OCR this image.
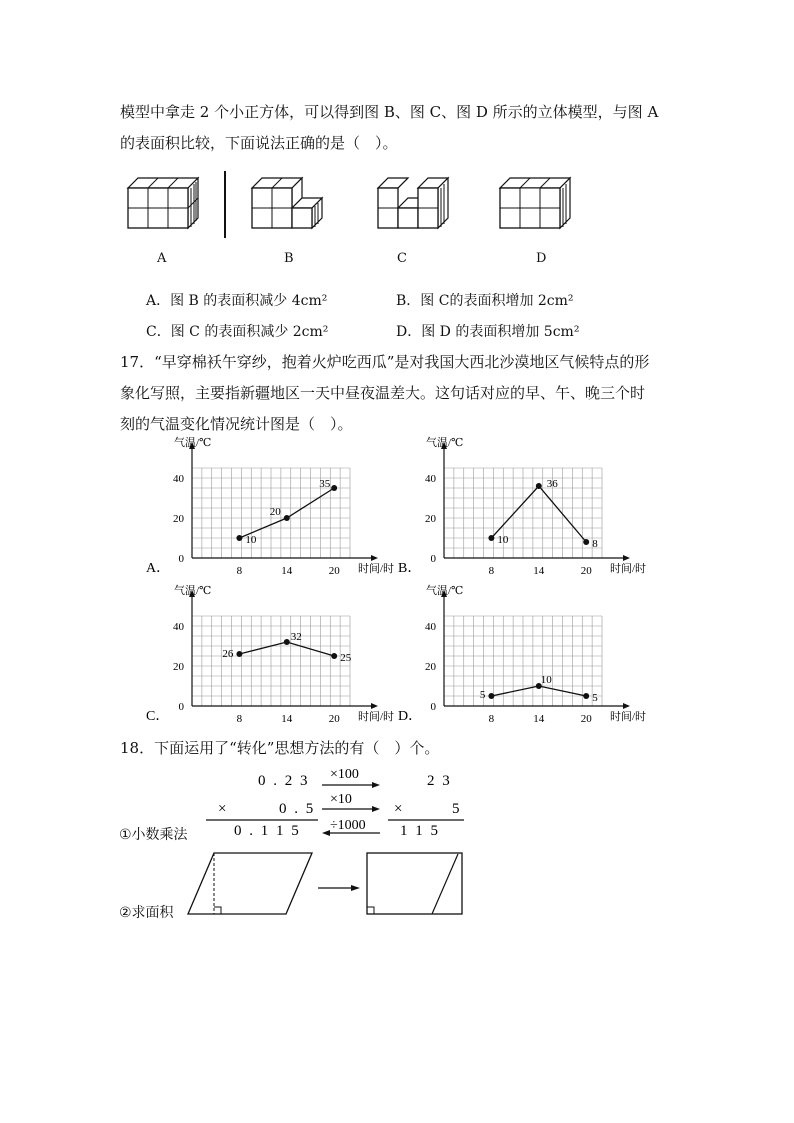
模型中拿走 2 个小正方体，可以得到图 B、图 C、图 D 所示的立体模型，与图 A
的表面积比较，下面说法正确的是（　）。
A	B	C	D
A．图 B 的表面积减少 4cm²	B．图 C的表面积增加 2cm²
C．图 C 的表面积减少 2cm²	D．图 D 的表面积增加 5cm²
17．“早穿棉袄午穿纱，抱着火炉吃西瓜”是对我国大西北沙漠地区气候特点的形
象化写照，主要指新疆地区一天中昼夜温差大。这句话对应的早、午、晚三个时
刻的气温变化情况统计图是（　）。
气温/℃
时间/时
0
20
40
8	14	20
A．
10
20
35
气温/℃
时间/时
0
20
40
8	14	20
B．
10
36
8
气温/℃
时间/时
0
20
40
8	14	20
C．
26
32
25
气温/℃
时间/时
0
20
40
8	14	20
D．
5
10
5
18．下面运用了“转化”思想方法的有（　）个。
0 . 2 3
×	0 . 5
0 . 1 1 5
×100
×10
÷1000
2 3
×	5
1 1 5
①小数乘法
②求面积
